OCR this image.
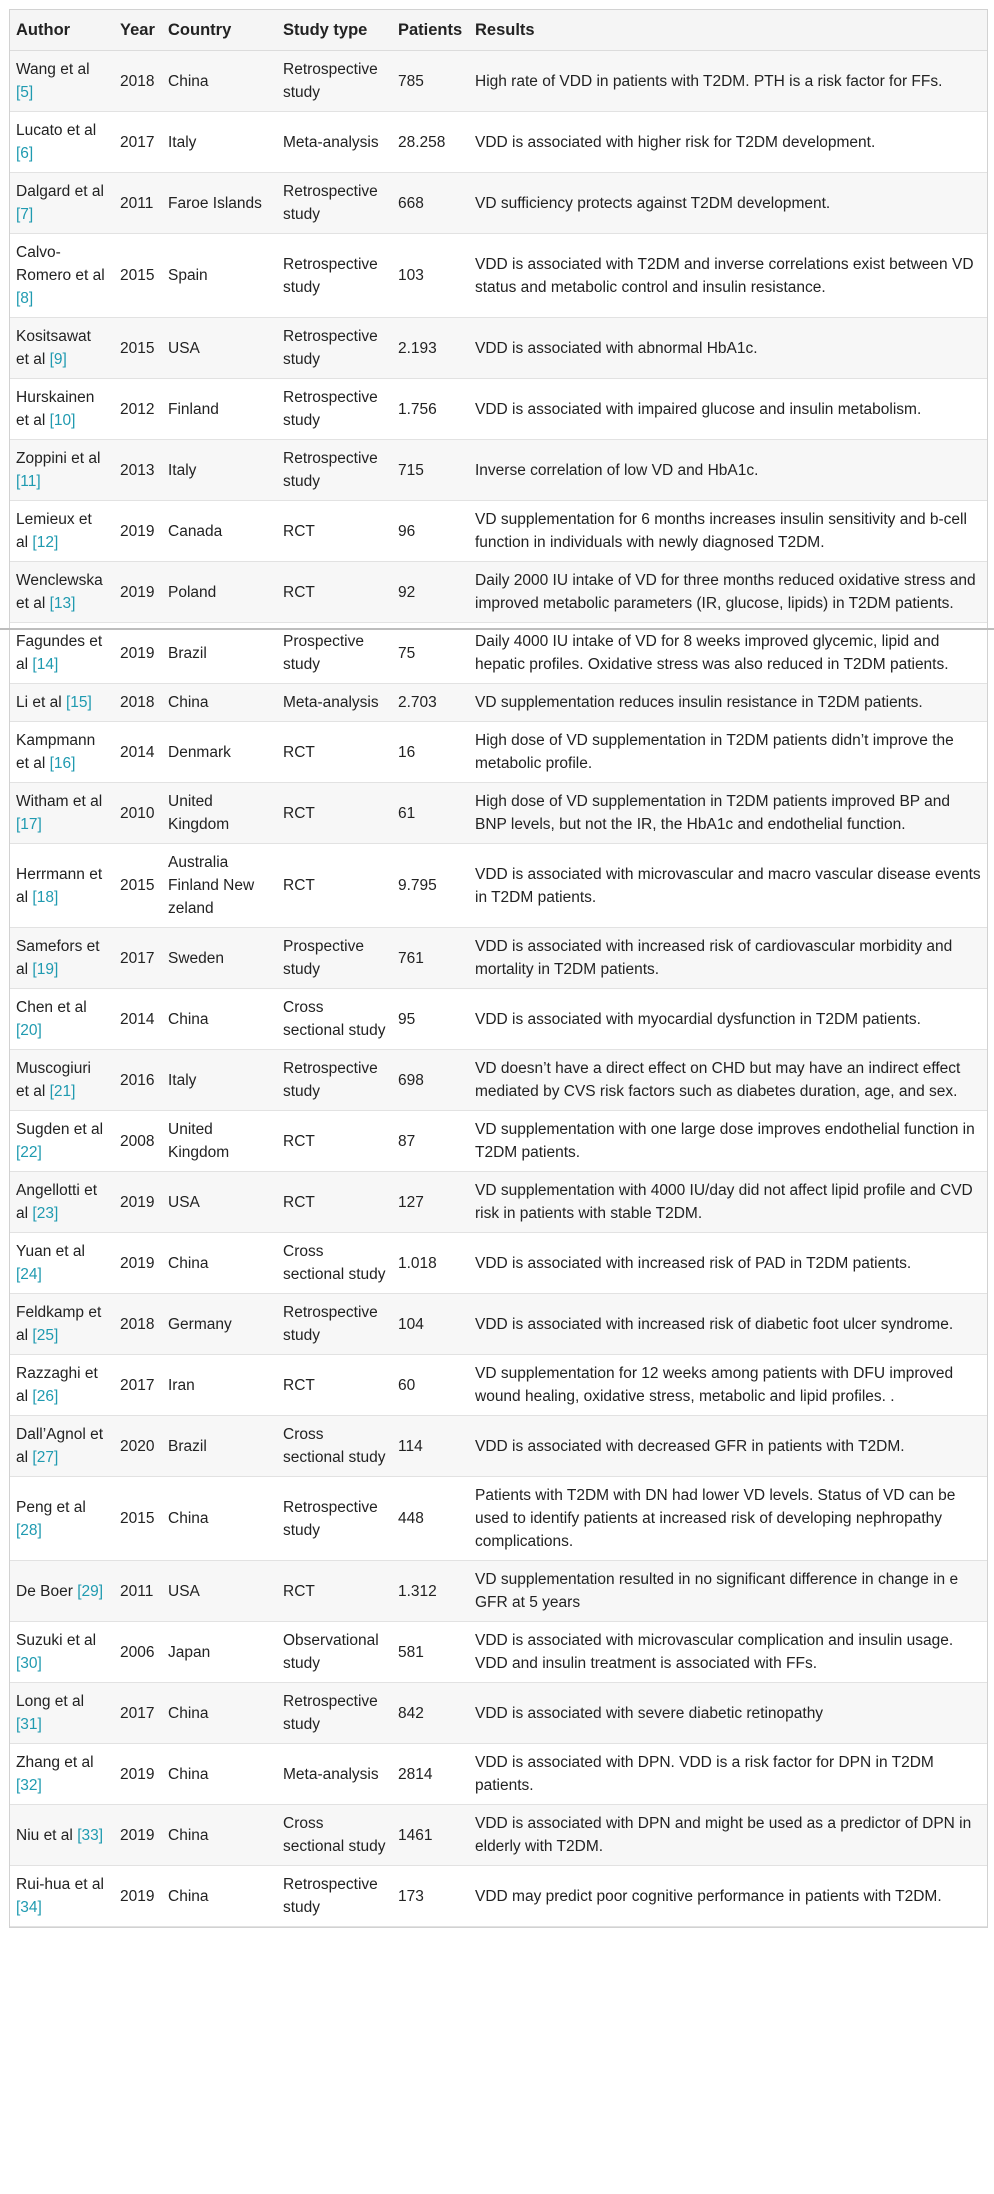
Author	Year	Country	Study type	Patients	Results
Wang et al [5]	2018	China	Retrospective study	785	High rate of VDD in patients with T2DM. PTH is a risk factor for FFs.
Lucato et al [6]	2017	Italy	Meta-analysis	28.258	VDD is associated with higher risk for T2DM development.
Dalgard et al [7]	2011	Faroe Islands	Retrospective study	668	VD sufficiency protects against T2DM development.
Calvo-Romero et al [8]	2015	Spain	Retrospective study	103	VDD is associated with T2DM and inverse correlations exist between VD status and metabolic control and insulin resistance.
Kositsawat et al [9]	2015	USA	Retrospective study	2.193	VDD is associated with abnormal HbA1c.
Hurskainen et al [10]	2012	Finland	Retrospective study	1.756	VDD is associated with impaired glucose and insulin metabolism.
Zoppini et al [11]	2013	Italy	Retrospective study	715	Inverse correlation of low VD and HbA1c.
Lemieux et al [12]	2019	Canada	RCT	96	VD supplementation for 6 months increases insulin sensitivity and b-cell function in individuals with newly diagnosed T2DM.
Wenclewska et al [13]	2019	Poland	RCT	92	Daily 2000 IU intake of VD for three months reduced oxidative stress and improved metabolic parameters (IR, glucose, lipids) in T2DM patients.
Fagundes et al [14]	2019	Brazil	Prospective study	75	Daily 4000 IU intake of VD for 8 weeks improved glycemic, lipid and hepatic profiles. Oxidative stress was also reduced in T2DM patients.
Li et al [15]	2018	China	Meta-analysis	2.703	VD supplementation reduces insulin resistance in T2DM patients.
Kampmann et al [16]	2014	Denmark	RCT	16	High dose of VD supplementation in T2DM patients didn’t improve the metabolic profile.
Witham et al [17]	2010	United Kingdom	RCT	61	High dose of VD supplementation in T2DM patients improved BP and BNP levels, but not the IR, the HbA1c and endothelial function.
Herrmann et al [18]	2015	Australia Finland New zeland	RCT	9.795	VDD is associated with microvascular and macro vascular disease events in T2DM patients.
Samefors et al [19]	2017	Sweden	Prospective study	761	VDD is associated with increased risk of cardiovascular morbidity and mortality in T2DM patients.
Chen et al [20]	2014	China	Cross sectional study	95	VDD is associated with myocardial dysfunction in T2DM patients.
Muscogiuri et al [21]	2016	Italy	Retrospective study	698	VD doesn’t have a direct effect on CHD but may have an indirect effect mediated by CVS risk factors such as diabetes duration, age, and sex.
Sugden et al [22]	2008	United Kingdom	RCT	87	VD supplementation with one large dose improves endothelial function in T2DM patients.
Angellotti et al [23]	2019	USA	RCT	127	VD supplementation with 4000 IU/day did not affect lipid profile and CVD risk in patients with stable T2DM.
Yuan et al [24]	2019	China	Cross sectional study	1.018	VDD is associated with increased risk of PAD in T2DM patients.
Feldkamp et al [25]	2018	Germany	Retrospective study	104	VDD is associated with increased risk of diabetic foot ulcer syndrome.
Razzaghi et al [26]	2017	Iran	RCT	60	VD supplementation for 12 weeks among patients with DFU improved wound healing, oxidative stress, metabolic and lipid profiles. .
Dall’Agnol et al [27]	2020	Brazil	Cross sectional study	114	VDD is associated with decreased GFR in patients with T2DM.
Peng et al [28]	2015	China	Retrospective study	448	Patients with T2DM with DN had lower VD levels. Status of VD can be used to identify patients at increased risk of developing nephropathy complications.
De Boer [29]	2011	USA	RCT	1.312	VD supplementation resulted in no significant difference in change in e GFR at 5 years
Suzuki et al [30]	2006	Japan	Observational study	581	VDD is associated with microvascular complication and insulin usage. VDD and insulin treatment is associated with FFs.
Long et al [31]	2017	China	Retrospective study	842	VDD is associated with severe diabetic retinopathy
Zhang et al [32]	2019	China	Meta-analysis	2814	VDD is associated with DPN. VDD is a risk factor for DPN in T2DM patients.
Niu et al [33]	2019	China	Cross sectional study	1461	VDD is associated with DPN and might be used as a predictor of DPN in elderly with T2DM.
Rui-hua et al [34]	2019	China	Retrospective study	173	VDD may predict poor cognitive performance in patients with T2DM.
